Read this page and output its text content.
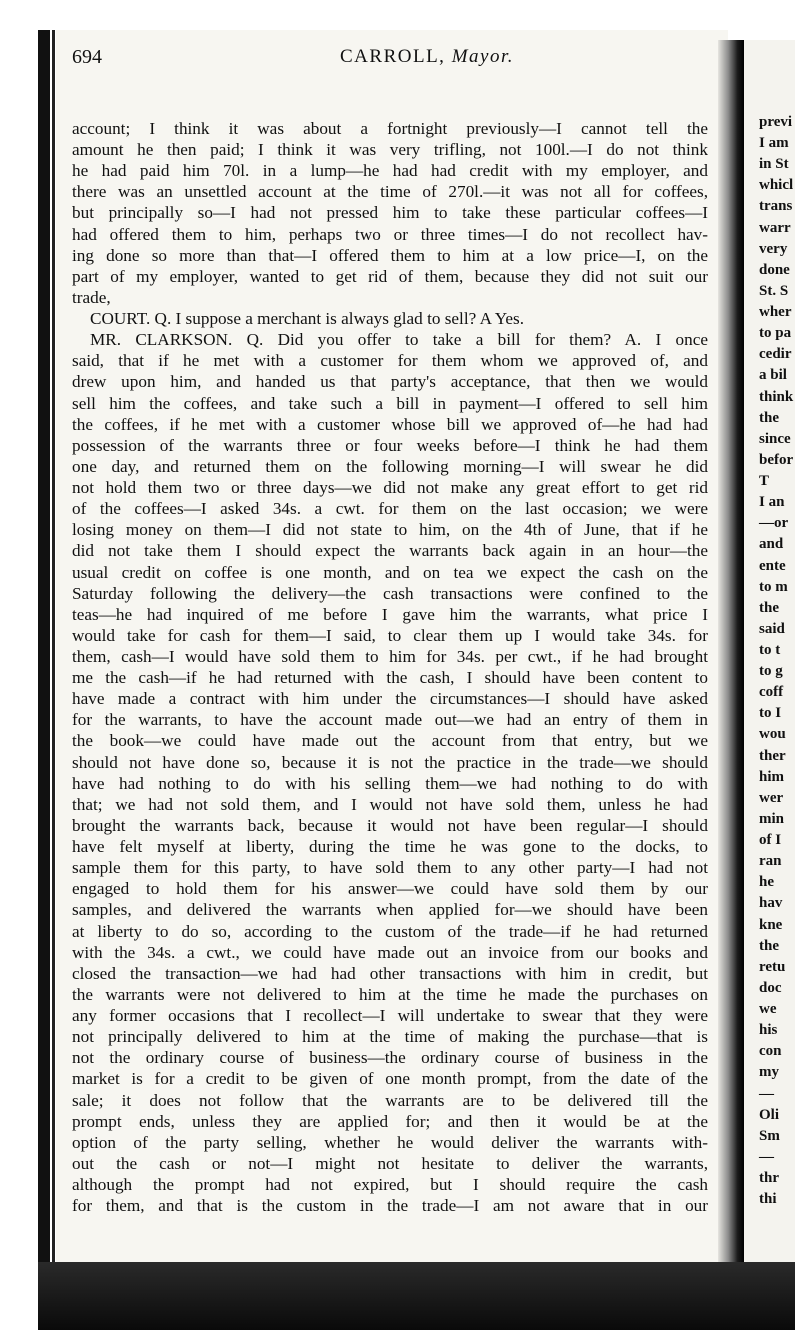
previ
I am
in St
whicl
trans
warr
very
done
St. S
wher
to pa
cedir
a bil
think
the
since
befor
T
I an
—or
and
ente
to m
the
said
to t
to g
coff
to I
wou
ther
him
wer
min
of I
ran
he
hav
kne
the
retu
doc
we
his
con
my
—
Oli
Sm
—
thr
thi
694	CARROLL, Mayor.
account; I think it was about a fortnight previously—I cannot tell the
amount he then paid; I think it was very trifling, not 100l.—I do not think
he had paid him 70l. in a lump—he had had credit with my employer, and
there was an unsettled account at the time of 270l.—it was not all for coffees,
but principally so—I had not pressed him to take these particular coffees—I
had offered them to him, perhaps two or three times—I do not recollect hav-
ing done so more than that—I offered them to him at a low price—I, on the
part of my employer, wanted to get rid of them, because they did not suit our
trade,
COURT. Q. I suppose a merchant is always glad to sell? A Yes.
MR. CLARKSON. Q. Did you offer to take a bill for them? A. I once
said, that if he met with a customer for them whom we approved of, and
drew upon him, and handed us that party's acceptance, that then we would
sell him the coffees, and take such a bill in payment—I offered to sell him
the coffees, if he met with a customer whose bill we approved of—he had had
possession of the warrants three or four weeks before—I think he had them
one day, and returned them on the following morning—I will swear he did
not hold them two or three days—we did not make any great effort to get rid
of the coffees—I asked 34s. a cwt. for them on the last occasion; we were
losing money on them—I did not state to him, on the 4th of June, that if he
did not take them I should expect the warrants back again in an hour—the
usual credit on coffee is one month, and on tea we expect the cash on the
Saturday following the delivery—the cash transactions were confined to the
teas—he had inquired of me before I gave him the warrants, what price I
would take for cash for them—I said, to clear them up I would take 34s. for
them, cash—I would have sold them to him for 34s. per cwt., if he had brought
me the cash—if he had returned with the cash, I should have been content to
have made a contract with him under the circumstances—I should have asked
for the warrants, to have the account made out—we had an entry of them in
the book—we could have made out the account from that entry, but we
should not have done so, because it is not the practice in the trade—we should
have had nothing to do with his selling them—we had nothing to do with
that; we had not sold them, and I would not have sold them, unless he had
brought the warrants back, because it would not have been regular—I should
have felt myself at liberty, during the time he was gone to the docks, to
sample them for this party, to have sold them to any other party—I had not
engaged to hold them for his answer—we could have sold them by our
samples, and delivered the warrants when applied for—we should have been
at liberty to do so, according to the custom of the trade—if he had returned
with the 34s. a cwt., we could have made out an invoice from our books and
closed the transaction—we had had other transactions with him in credit, but
the warrants were not delivered to him at the time he made the purchases on
any former occasions that I recollect—I will undertake to swear that they were
not principally delivered to him at the time of making the purchase—that is
not the ordinary course of business—the ordinary course of business in the
market is for a credit to be given of one month prompt, from the date of the
sale; it does not follow that the warrants are to be delivered till the
prompt ends, unless they are applied for; and then it would be at the
option of the party selling, whether he would deliver the warrants with-
out the cash or not—I might not hesitate to deliver the warrants,
although the prompt had not expired, but I should require the cash
for them, and that is the custom in the trade—I am not aware that in our
